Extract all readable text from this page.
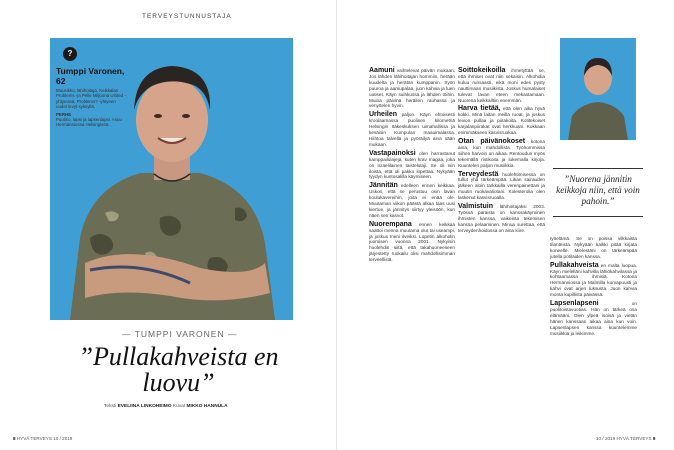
TERVEYSTUNNUSTAJA
?
Tumppi Varonen, 62
Muusikko, lähihoitaja, Keikkalan Problems -ja Pelle Miljoona United -yhtyeissä, Problems? -yhtyeen uudet levyt syksyllä.
PERHE
Puoliso, lapsi ja lapsenlapsi. Asuu Hermanniossa Helsingissä.
— TUMPPI VARONEN —
”Pullakahveista en luovu”
Teksti EVELIINA LINKOHEIMO Kuvat MIKKO HANNULA

Aamuni vaihtelevat päivän mukaan. Jos lähden lähihoitajan hommiin, herään kuudelta ja herätän kumppanin. Syön puuroa ja aamupalaa, juon kahvia ja luen uutiset. Käyn suihkussa ja lähden töihin. Muina päivinä heräilen rauhassa ja venyttelen hyvin.

Urheilen paljon. Käyn ehtoisesti kroolaamassa puolisen kilometriä Helsingin Itäkeskuksen uimahallissa ja kesäisin Kumpulan maauimalassa. Hiihtoa talvella ja pyöräilyä aina sään mukaan.

Vastapainoksi olen harrastanut kamppailulajeja, kuten krav magaa, joka on israelilainen taistelulaji. Se oli niin iloista, että oli pakko lopettaa. Nykyään tyydyn kuntosalilla käymiseen.

Jännitän edelleen ennen keikkaa. Uskon, että se perustuu osin lavan koulukavereihin, joita ei enää ole. Muutaman viikon päästä alkaa taas uusi kiertue, ja jännitys siirtyy yleisöön, kun näen sen kasvot.

Nuorempana ennen keikkaa saattoi menna muutama olut tai useampi, ja joskus meni ilveiksi. Lopetin alkoholin juomisen vuonna 2001. Nykyisin huolehdin siitä, että takahuoneeseen järjestetty ruokailu olisi mahdollisimman terveellistä.

Soittokeikoilla ihmetyttää se, että ihmiset ovat niin sekaisin. Alkoholia kuluu runsaasti, eikä moni edes pysty nauttimaan musiikista. Joskus humalaiset tulevat lavan eteen mekastamaan. Nuorena keikkailtiin enemmän.

Harva tietää, että olen aika hyvä kokki. Minä laitan meillä ruoat, ja joskus leivon pullaa ja piirakoita. Kotitekoiset karjalanpiirakat ovat herkkuani. Kokkaan enimmäkseen kasvisruokaa.

Otan päivänokoset kotona aina, kun mahdollista. Työhommissa siihen harvoin on aikaa. Rentoudun myös tekemällä ristikoita ja lukemalla kirjoja. Kuuntelen paljon musiikkia.

Terveydestä huolehtimisessa on tullut yhä tärkeämpää. Likan sairauden jälkeen aloin tarkkailla verenpainettani ja muutin ruokavaliotani. Kolesterolia olen laskenut kasvisruoalla.

Valmistuin lähihoitajaksi 2003. Työssä paraista on kanssakäyminen ihmisten kanssa, vaikeinta tekemisen kanssa pelaaminen. Minua surettaa, että terveydenhoidossa on aina kiire.

”Nuorena jännitin keikkoja niin, että voin pahoin.”

työelämä. Se on poissa vilkkaista tilanteista. Nykyään kaikki pitää kirjata koneelle. Mielestäni on tärkeämpää jutella potilaiden kanssa.

Pullakahveista en malta luopua. Käyn mielelläni kahvilla lähiökahvilassa ja kohtaamassa ihmisiä. Kotona Hermanniossa ja Malmilla korvapuusti ja kahvi ovat arjen luksusta. Juon kahvia monta kupillista päivässä.

Lapsenlapseni	on puolitoistavuotias. Hän on tärkeä osa elämääni. Olen ylpeä isoisä ja vietän hänen kanssaan aikaa aina kun voin. Lapsenlapsen kanssa kuuntelemme musiikkia ja leikimme.

8 HYVÄ TERVEYS 10 / 2019	10 / 2019 HYVÄ TERVEYS 9
